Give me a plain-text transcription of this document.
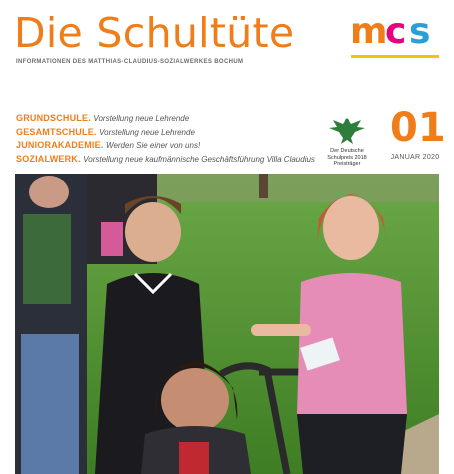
Die Schultüte
INFORMATIONEN DES MATTHIAS-CLAUDIUS-SOZIALWERKES BOCHUM
m
c s
GRUNDSCHULE. Vorstellung neue Lehrende
GESAMTSCHULE. Vorstellung neue Lehrende
JUNIORAKADEMIE. Werden Sie einer von uns!
SOZIALWERK. Vorstellung neue kaufmännische Geschäftsführung Villa Claudius
Der Deutsche
Schulpreis 2018
Preisträger
01
JANUAR 2020
